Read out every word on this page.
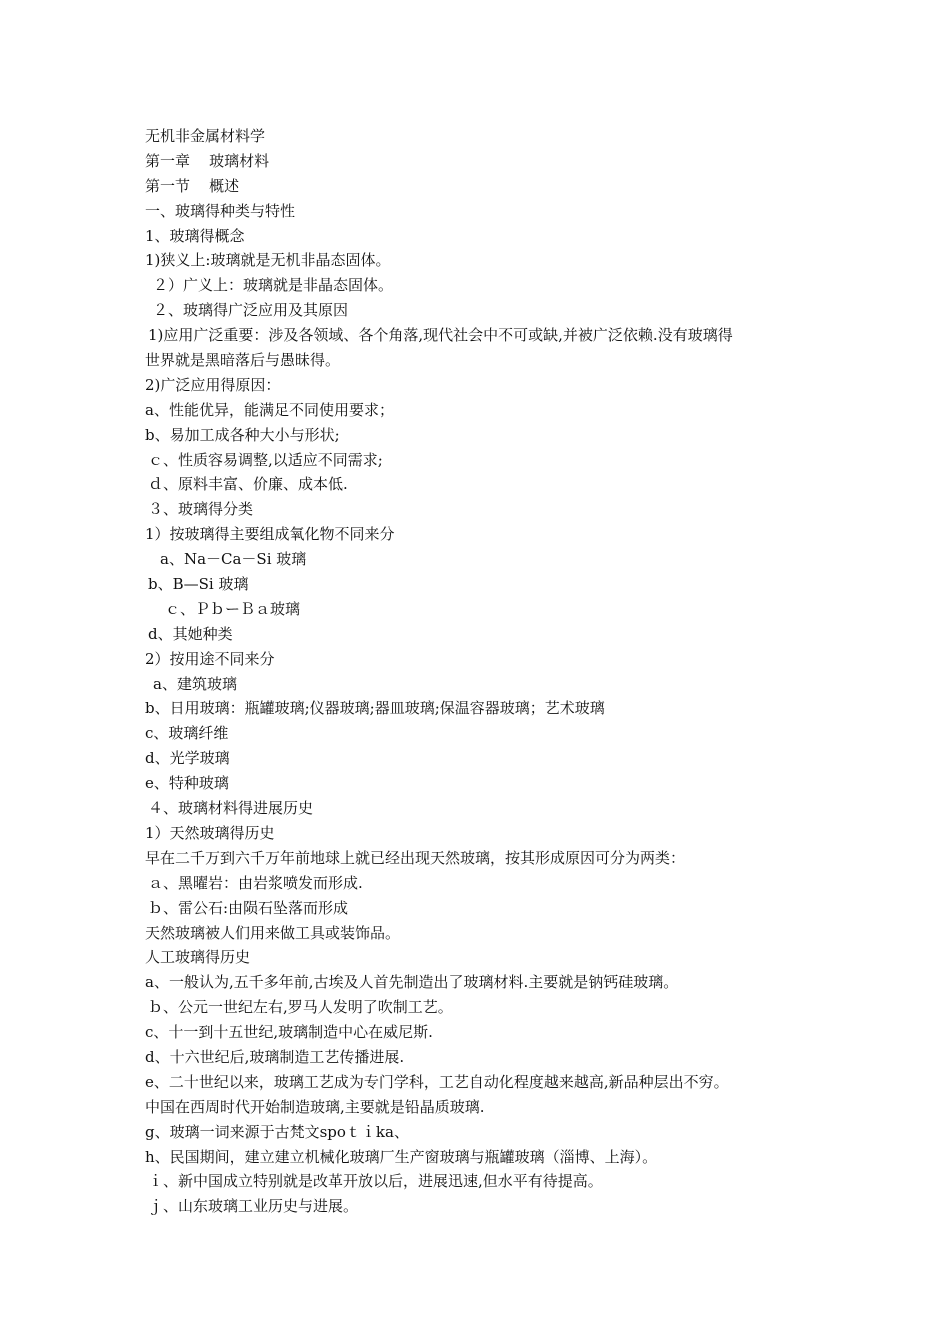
无机非金属材料学
第一章    玻璃材料
第一节    概述
一、玻璃得种类与特性
1、玻璃得概念
1)狭义上:玻璃就是无机非晶态固体。
２）广义上：玻璃就是非晶态固体。
２、玻璃得广泛应用及其原因
1)应用广泛重要：涉及各领域、各个角落,现代社会中不可或缺,并被广泛依赖.没有玻璃得
世界就是黑暗落后与愚昧得。
2)广泛应用得原因：
a、性能优异，能满足不同使用要求；
b、易加工成各种大小与形状;
ｃ、性质容易调整,以适应不同需求;
ｄ、原料丰富、价廉、成本低.
３、玻璃得分类
1）按玻璃得主要组成氧化物不同来分
a、Na－Ca－Si 玻璃
b、B—Si 玻璃
ｃ、ＰｂーＢａ玻璃
d、其她种类
2）按用途不同来分
a、建筑玻璃
b、日用玻璃：瓶罐玻璃;仪器玻璃;器皿玻璃;保温容器玻璃；艺术玻璃
c、玻璃纤维
d、光学玻璃
e、特种玻璃
４、玻璃材料得进展历史
1）天然玻璃得历史
早在二千万到六千万年前地球上就已经出现天然玻璃，按其形成原因可分为两类：
ａ、黑曜岩：由岩浆喷发而形成.
ｂ、雷公石:由陨石坠落而形成
天然玻璃被人们用来做工具或装饰品。
人工玻璃得历史
a、一般认为,五千多年前,古埃及人首先制造出了玻璃材料.主要就是钠钙硅玻璃。
ｂ、公元一世纪左右,罗马人发明了吹制工艺。
c、十一到十五世纪,玻璃制造中心在威尼斯.
d、十六世纪后,玻璃制造工艺传播进展.
e、二十世纪以来，玻璃工艺成为专门学科，工艺自动化程度越来越高,新品种层出不穷。
中国在西周时代开始制造玻璃,主要就是铅晶质玻璃.
g、玻璃一词来源于古梵文spoｔｉka、
h、民国期间，建立建立机械化玻璃厂生产窗玻璃与瓶罐玻璃（淄博、上海）。
ｉ、新中国成立特别就是改革开放以后，进展迅速,但水平有待提高。
ｊ、山东玻璃工业历史与进展。
